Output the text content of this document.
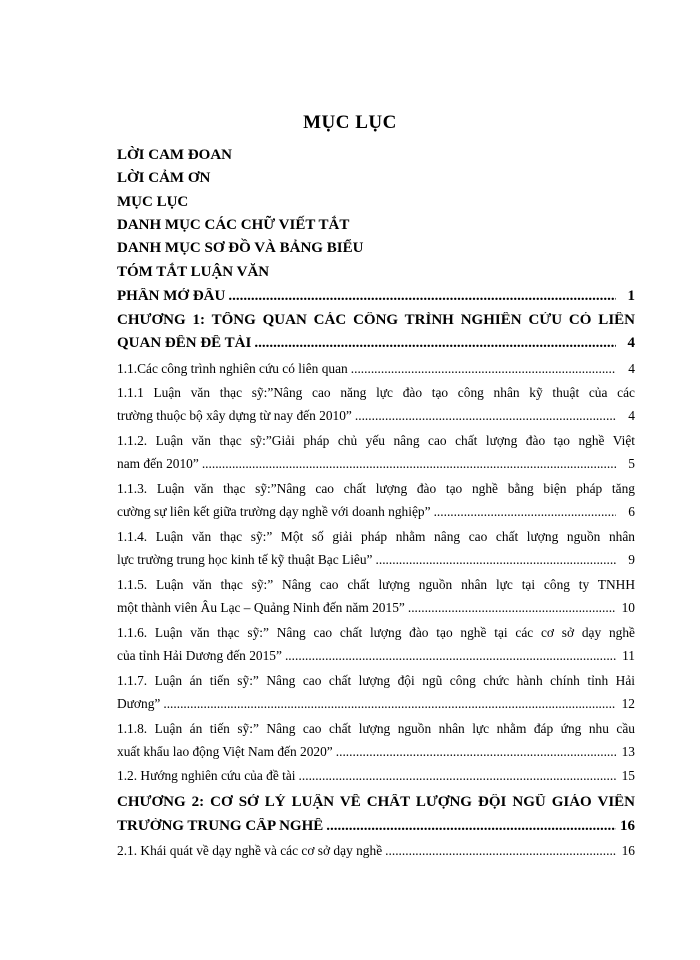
MỤC LỤC
LỜI CAM ĐOAN
LỜI CẢM ƠN
MỤC LỤC
DANH MỤC CÁC CHỮ VIẾT TẮT
DANH MỤC SƠ ĐỒ VÀ BẢNG BIỂU
TÓM TẮT LUẬN VĂN
PHẦN MỞ ĐẦU .....	1
CHƯƠNG 1: TỔNG QUAN CÁC CÔNG TRÌNH NGHIÊN CỨU CÓ LIÊN
QUAN ĐẾN ĐỀ TÀI .....	4
1.1.Các công trình nghiên cứu có liên quan .....	4
1.1.1 Luận văn thạc sỹ:”Nâng cao năng lực đào tạo công nhân kỹ thuật của các
trường thuộc bộ xây dựng từ nay đến 2010” .....	4
1.1.2. Luận văn thạc sỹ:”Giải pháp chủ yếu nâng cao chất lượng đào tạo nghề Việt
nam đến 2010” .....	5
1.1.3. Luận văn thạc sỹ:”Nâng cao chất lượng đào tạo nghề bằng biện pháp tăng
cường sự liên kết giữa trường dạy nghề với doanh nghiệp” .....	6
1.1.4. Luận văn thạc sỹ:” Một số giải pháp nhằm nâng cao chất lượng nguồn nhân
lực trường trung học kinh tế kỹ thuật Bạc Liêu” .....	9
1.1.5. Luận văn thạc sỹ:” Nâng cao chất lượng nguồn nhân lực tại công ty TNHH
một thành viên Âu Lạc – Quảng Ninh đến năm 2015” .....	10
1.1.6. Luận văn thạc sỹ:” Nâng cao chất lượng đào tạo nghề tại các cơ sở dạy nghề
của tỉnh Hải Dương đến 2015” .....	11
1.1.7. Luận án tiến sỹ:” Nâng cao chất lượng đội ngũ công chức hành chính tỉnh Hải
Dương” .....	12
1.1.8. Luận án tiến sỹ:” Nâng cao chất lượng nguồn nhân lực nhằm đáp ứng nhu cầu
xuất khẩu lao động Việt Nam đến 2020” .....	13
1.2. Hướng nghiên cứu của đề tài .....	15
CHƯƠNG 2: CƠ SỞ LÝ LUẬN VỀ CHẤT LƯỢNG ĐỘI NGŨ GIÁO VIÊN
TRƯỜNG TRUNG CẤP NGHỀ .....	16
2.1. Khái quát về dạy nghề và các cơ sở dạy nghề .....	16
